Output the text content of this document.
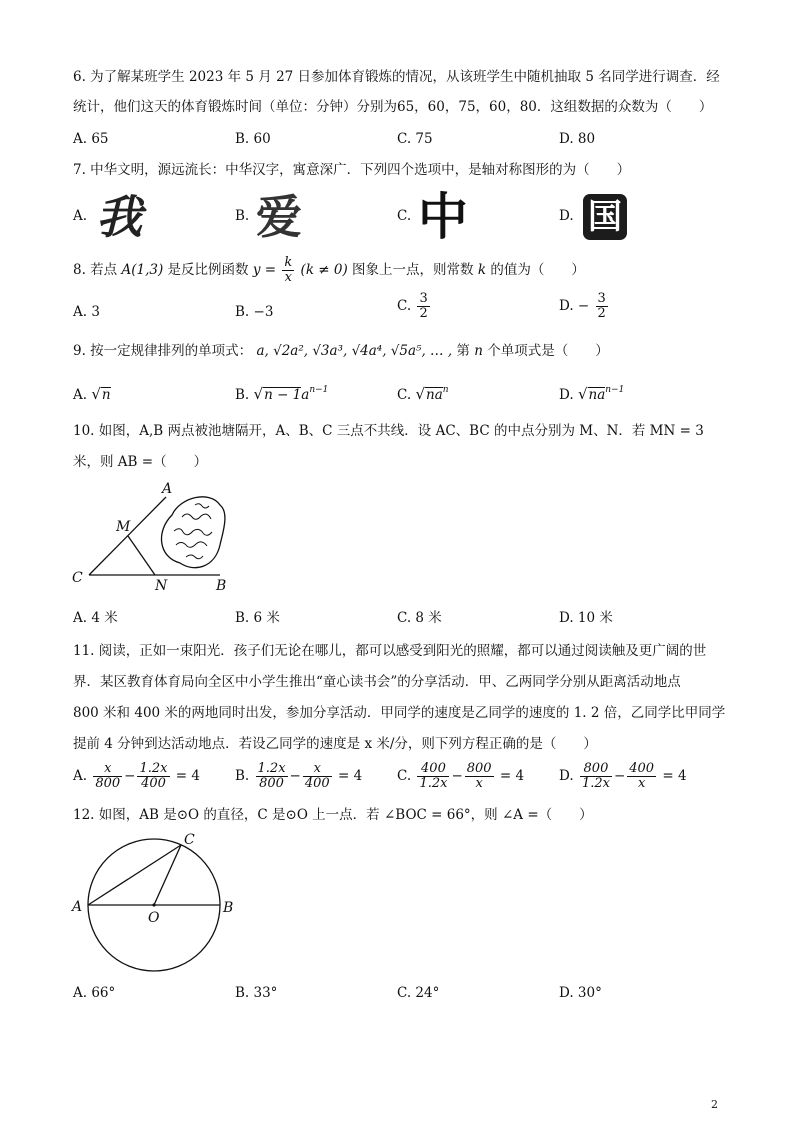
6. 为了解某班学生 2023 年 5 月 27 日参加体育锻炼的情况，从该班学生中随机抽取 5 名同学进行调查．经
统计，他们这天的体育锻炼时间（单位：分钟）分别为65，60，75，60，80．这组数据的众数为（　　）
A. 65	B. 60	C. 75	D. 80
7. 中华文明，源远流长：中华汉字，寓意深广．下列四个选项中，是轴对称图形的为（　　）
A. 我	B. 爱	C. 中	D. 国
8. 若点 A(1,3) 是反比例函数 $y = \frac{k}{x} (k \ne 0)$ 图象上一点，则常数 k 的值为（　　）
A. 3	B. −3	C. $\frac{3}{2}$	D. − $\frac{3}{2}$
9. 按一定规律排列的单项式： a, √2a², √3a³, √4a⁴, √5a⁵, … , 第 n 个单项式是（　　）
A. √n	B. $√n - 1a^{n-1}$	C. $√na^n$	D. $√na^{n-1}$
10. 如图，A,B 两点被池塘隔开，A、B、C 三点不共线．设 AC、BC 的中点分别为 M、N．若 MN = 3
米，则 AB =（　　）
A
M
C	N	B
A. 4 米	B. 6 米	C. 8 米	D. 10 米
11. 阅读，正如一束阳光．孩子们无论在哪儿，都可以感受到阳光的照耀，都可以通过阅读触及更广阔的世
界．某区教育体育局向全区中小学生推出“童心读书会”的分享活动．甲、乙两同学分别从距离活动地点
800 米和 400 米的两地同时出发，参加分享活动．甲同学的速度是乙同学的速度的 1. 2 倍，乙同学比甲同学
提前 4 分钟到达活动地点．若设乙同学的速度是 x 米/分，则下列方程正确的是（　　）
A. $\frac{x}{800} - \frac{1.2x}{400} = 4$	B. $\frac{1.2x}{800} - \frac{x}{400} = 4$	C. $\frac{400}{1.2x} - \frac{800}{x} = 4$	D. $\frac{800}{1.2x} - \frac{400}{x} = 4$
12. 如图，AB 是⊙O 的直径，C 是⊙O 上一点．若 ∠BOC = 66°，则 ∠A =（　　）
A	B
C
O
A. 66°	B. 33°	C. 24°	D. 30°
2
